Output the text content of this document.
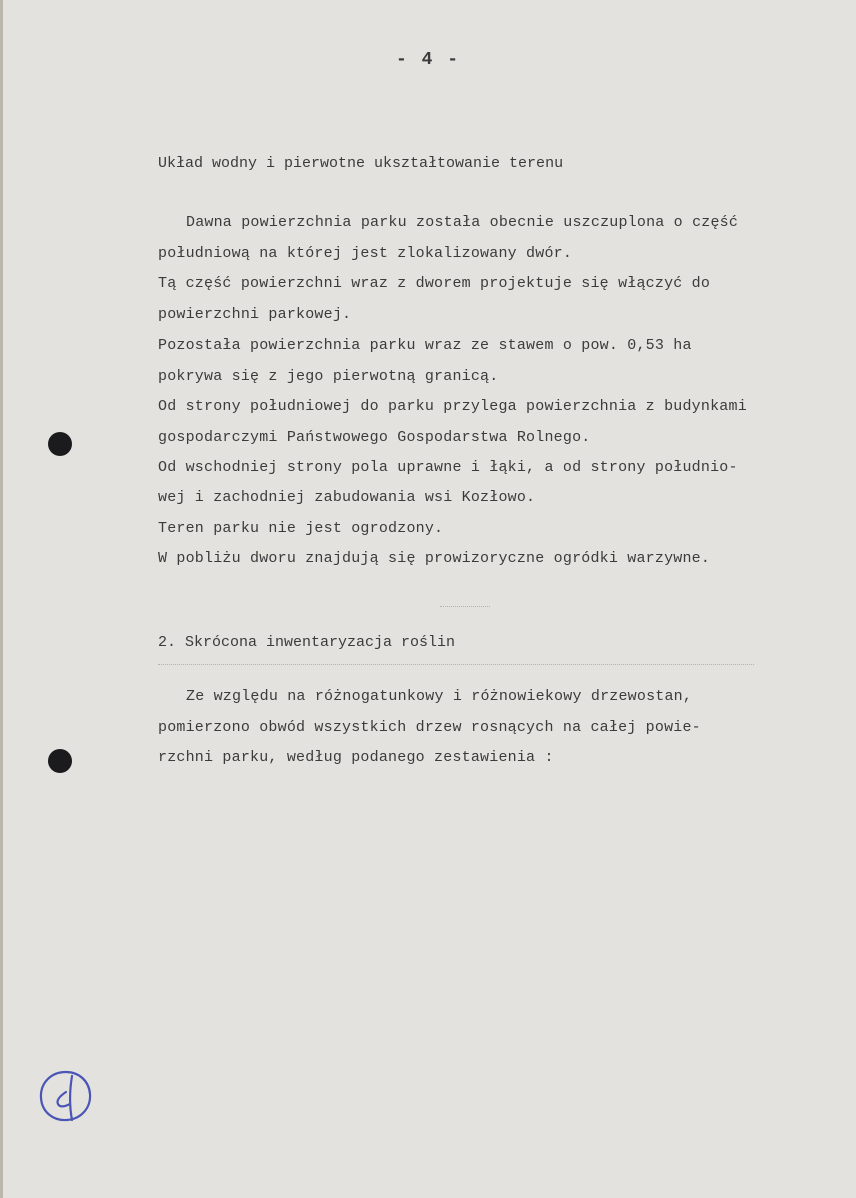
- 4 -
Układ wodny i pierwotne ukształtowanie terenu
Dawna powierzchnia parku została obecnie uszczuplona o część
południową na której jest zlokalizowany dwór.
Tą część powierzchni wraz z dworem projektuje się włączyć do
powierzchni parkowej.
Pozostała powierzchnia parku wraz ze stawem o pow. 0,53 ha
pokrywa się z jego pierwotną granicą.
Od strony południowej do parku przylega powierzchnia z budynkami
gospodarczymi Państwowego Gospodarstwa Rolnego.
Od wschodniej strony pola uprawne i łąki, a od strony południo-
wej i zachodniej zabudowania wsi Kozłowo.
Teren parku nie jest ogrodzony.
W pobliżu dworu znajdują się prowizoryczne ogródki warzywne.
2. Skrócona inwentaryzacja roślin
Ze względu na różnogatunkowy i różnowiekowy drzewostan,
pomierzono obwód wszystkich drzew rosnących na całej powie-
rzchni parku, według podanego zestawienia :
